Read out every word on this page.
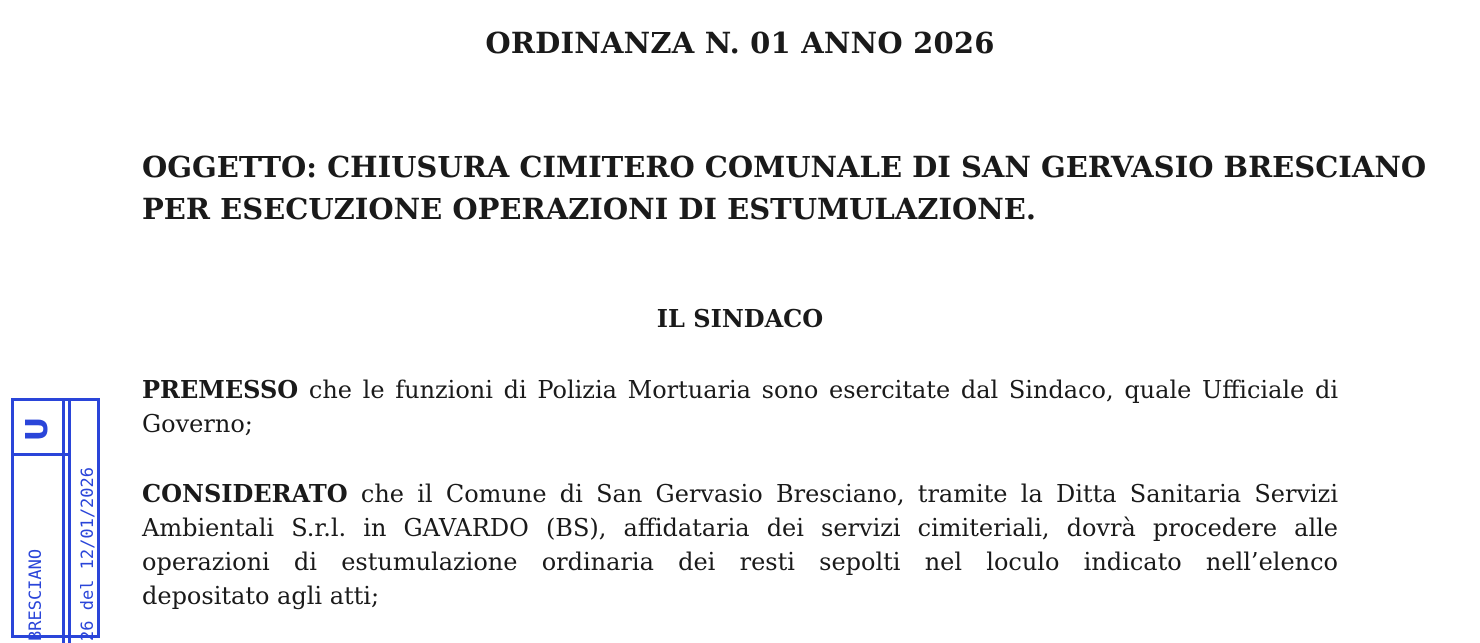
ORDINANZA N. 01 ANNO 2026
OGGETTO: CHIUSURA CIMITERO COMUNALE DI SAN GERVASIO BRESCIANO
PER ESECUZIONE OPERAZIONI DI ESTUMULAZIONE.
IL SINDACO
PREMESSO che le funzioni di Polizia Mortuaria sono esercitate dal Sindaco, quale Ufficiale di
Governo;
CONSIDERATO che il Comune di San Gervasio Bresciano, tramite la Ditta Sanitaria Servizi
Ambientali S.r.l. in GAVARDO (BS), affidataria dei servizi cimiteriali, dovrà procedere alle
operazioni di estumulazione ordinaria dei resti sepolti nel loculo indicato nell’elenco
depositato agli atti;
U
BRESCIANO 26 del 12/01/2026
